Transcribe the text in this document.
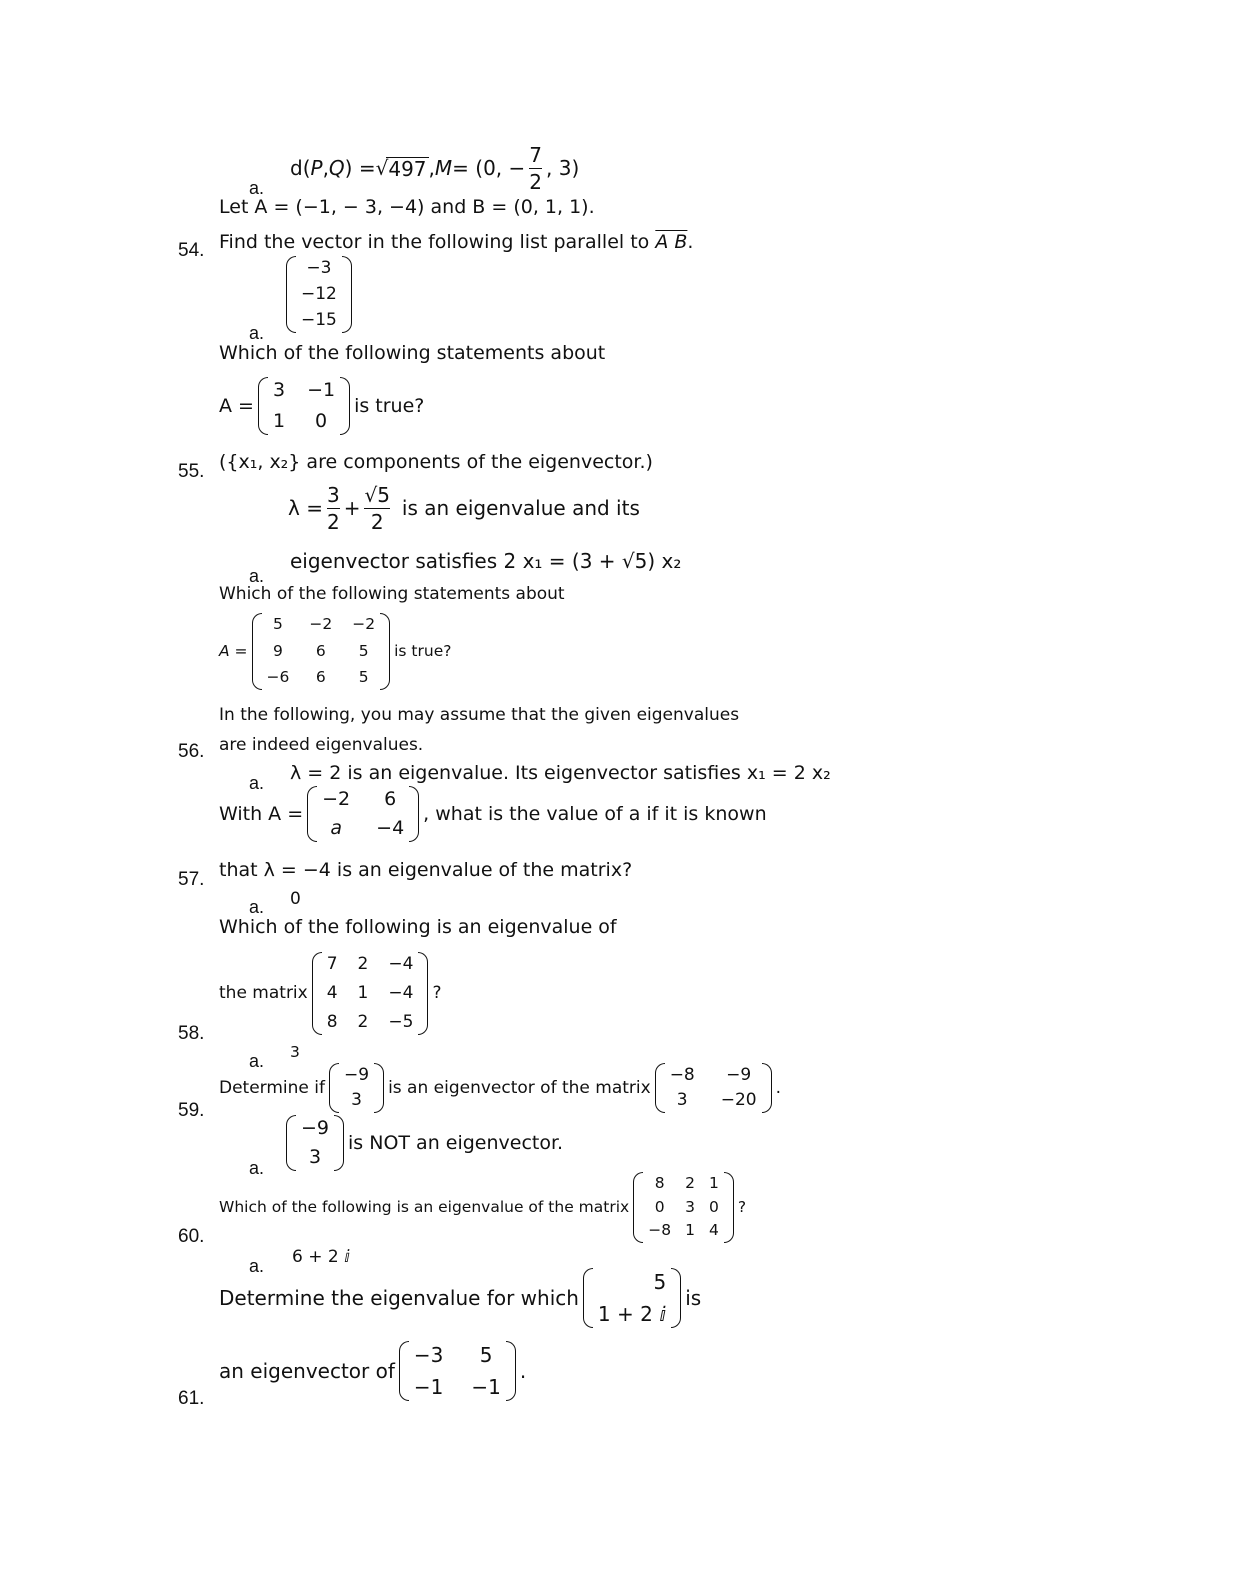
a.
d( P , Q ) = √ 497 , M = (0, − $\frac{7}{2}$ , 3)
Let A = (−1, − 3, −4) and B = (0, 1, 1).
54. Find the vector in the following list parallel to A B.
a.
−3
−12
−15
Which of the following statements about
A =
3 −1
1	0
is true?
55. ({x₁, x₂} are components of the eigenvector.)
$\lambda = \frac{3}{2} + \frac{√5}{2}$ is an eigenvalue and its
a.
eigenvector satisfies 2 x₁ = (3 + √5) x₂
Which of the following statements about
A =
5	−2 −2
9	6	5
−6	6	5
is true?
In the following, you may assume that the given eigenvalues
56. are indeed eigenvalues.
a. λ = 2 is an eigenvalue. Its eigenvector satisfies x₁ = 2 x₂
With A =
−2	6
a	−4
, what is the value of a if it is known
57. that λ = −4 is an eigenvalue of the matrix?
a. 0
Which of the following is an eigenvalue of
the matrix
7 2 −4
4 1 −4
8 2 −5
?
58.
a. 3
Determine if
−9
3
is an eigenvector of the matrix
−8	−9
3	−20
.
59.
a.
−9
3
is NOT an eigenvector.
Which of the following is an eigenvalue of the matrix
8	2 1
0	3 0
−8 1 4
?
60.
a. 6 + 2 ⅈ
Determine the eigenvalue for which
5
1 + 2 ⅈ
is
an eigenvector of
−3	5
−1 −1
.
61.
